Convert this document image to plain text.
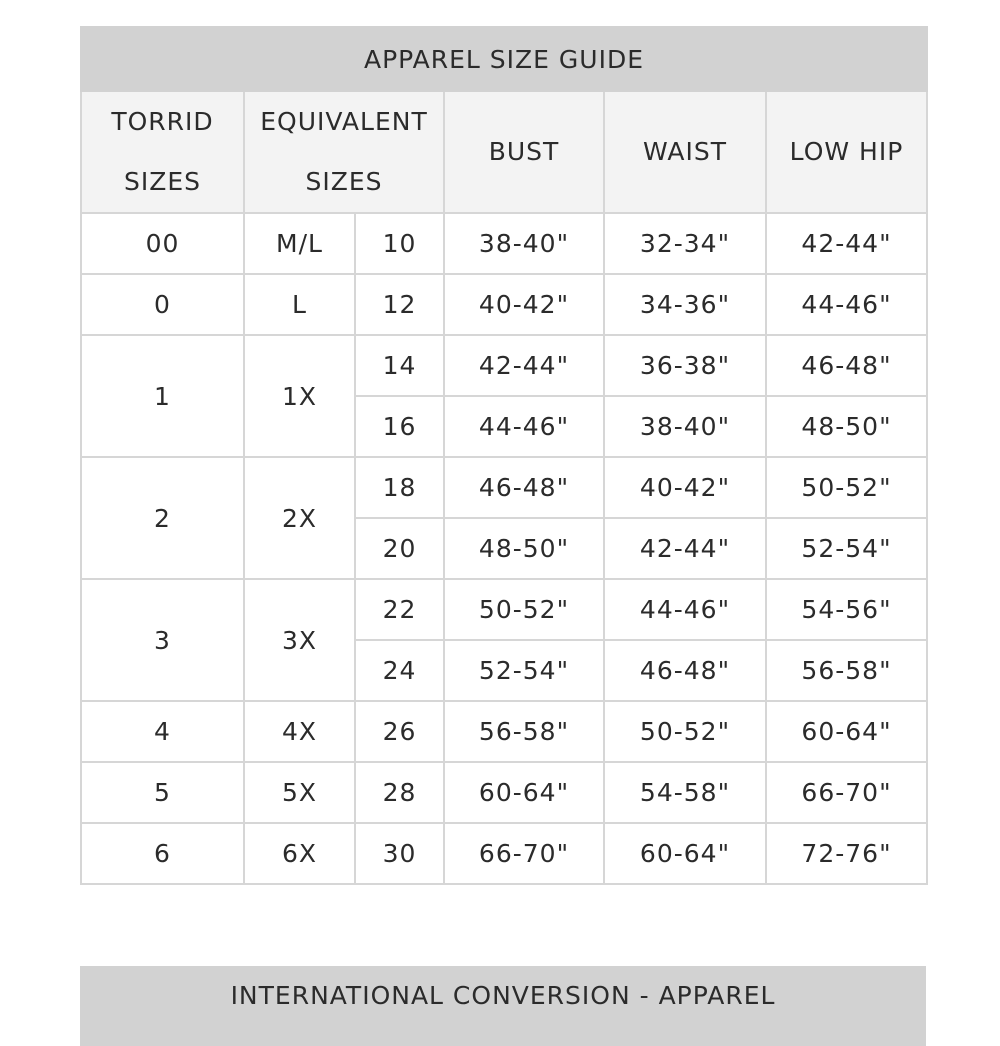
APPAREL SIZE GUIDE					
TORRID SIZES	EQUIVALENT SIZES		BUST	WAIST	LOW HIP
00	M/L	10	38-40"	32-34"	42-44"
0	L	12	40-42"	34-36"	44-46"
1	1X	14	42-44"	36-38"	46-48"
		16	44-46"	38-40"	48-50"
2	2X	18	46-48"	40-42"	50-52"
		20	48-50"	42-44"	52-54"
3	3X	22	50-52"	44-46"	54-56"
		24	52-54"	46-48"	56-58"
4	4X	26	56-58"	50-52"	60-64"
5	5X	28	60-64"	54-58"	66-70"
6	6X	30	66-70"	60-64"	72-76"
INTERNATIONAL CONVERSION - APPAREL
